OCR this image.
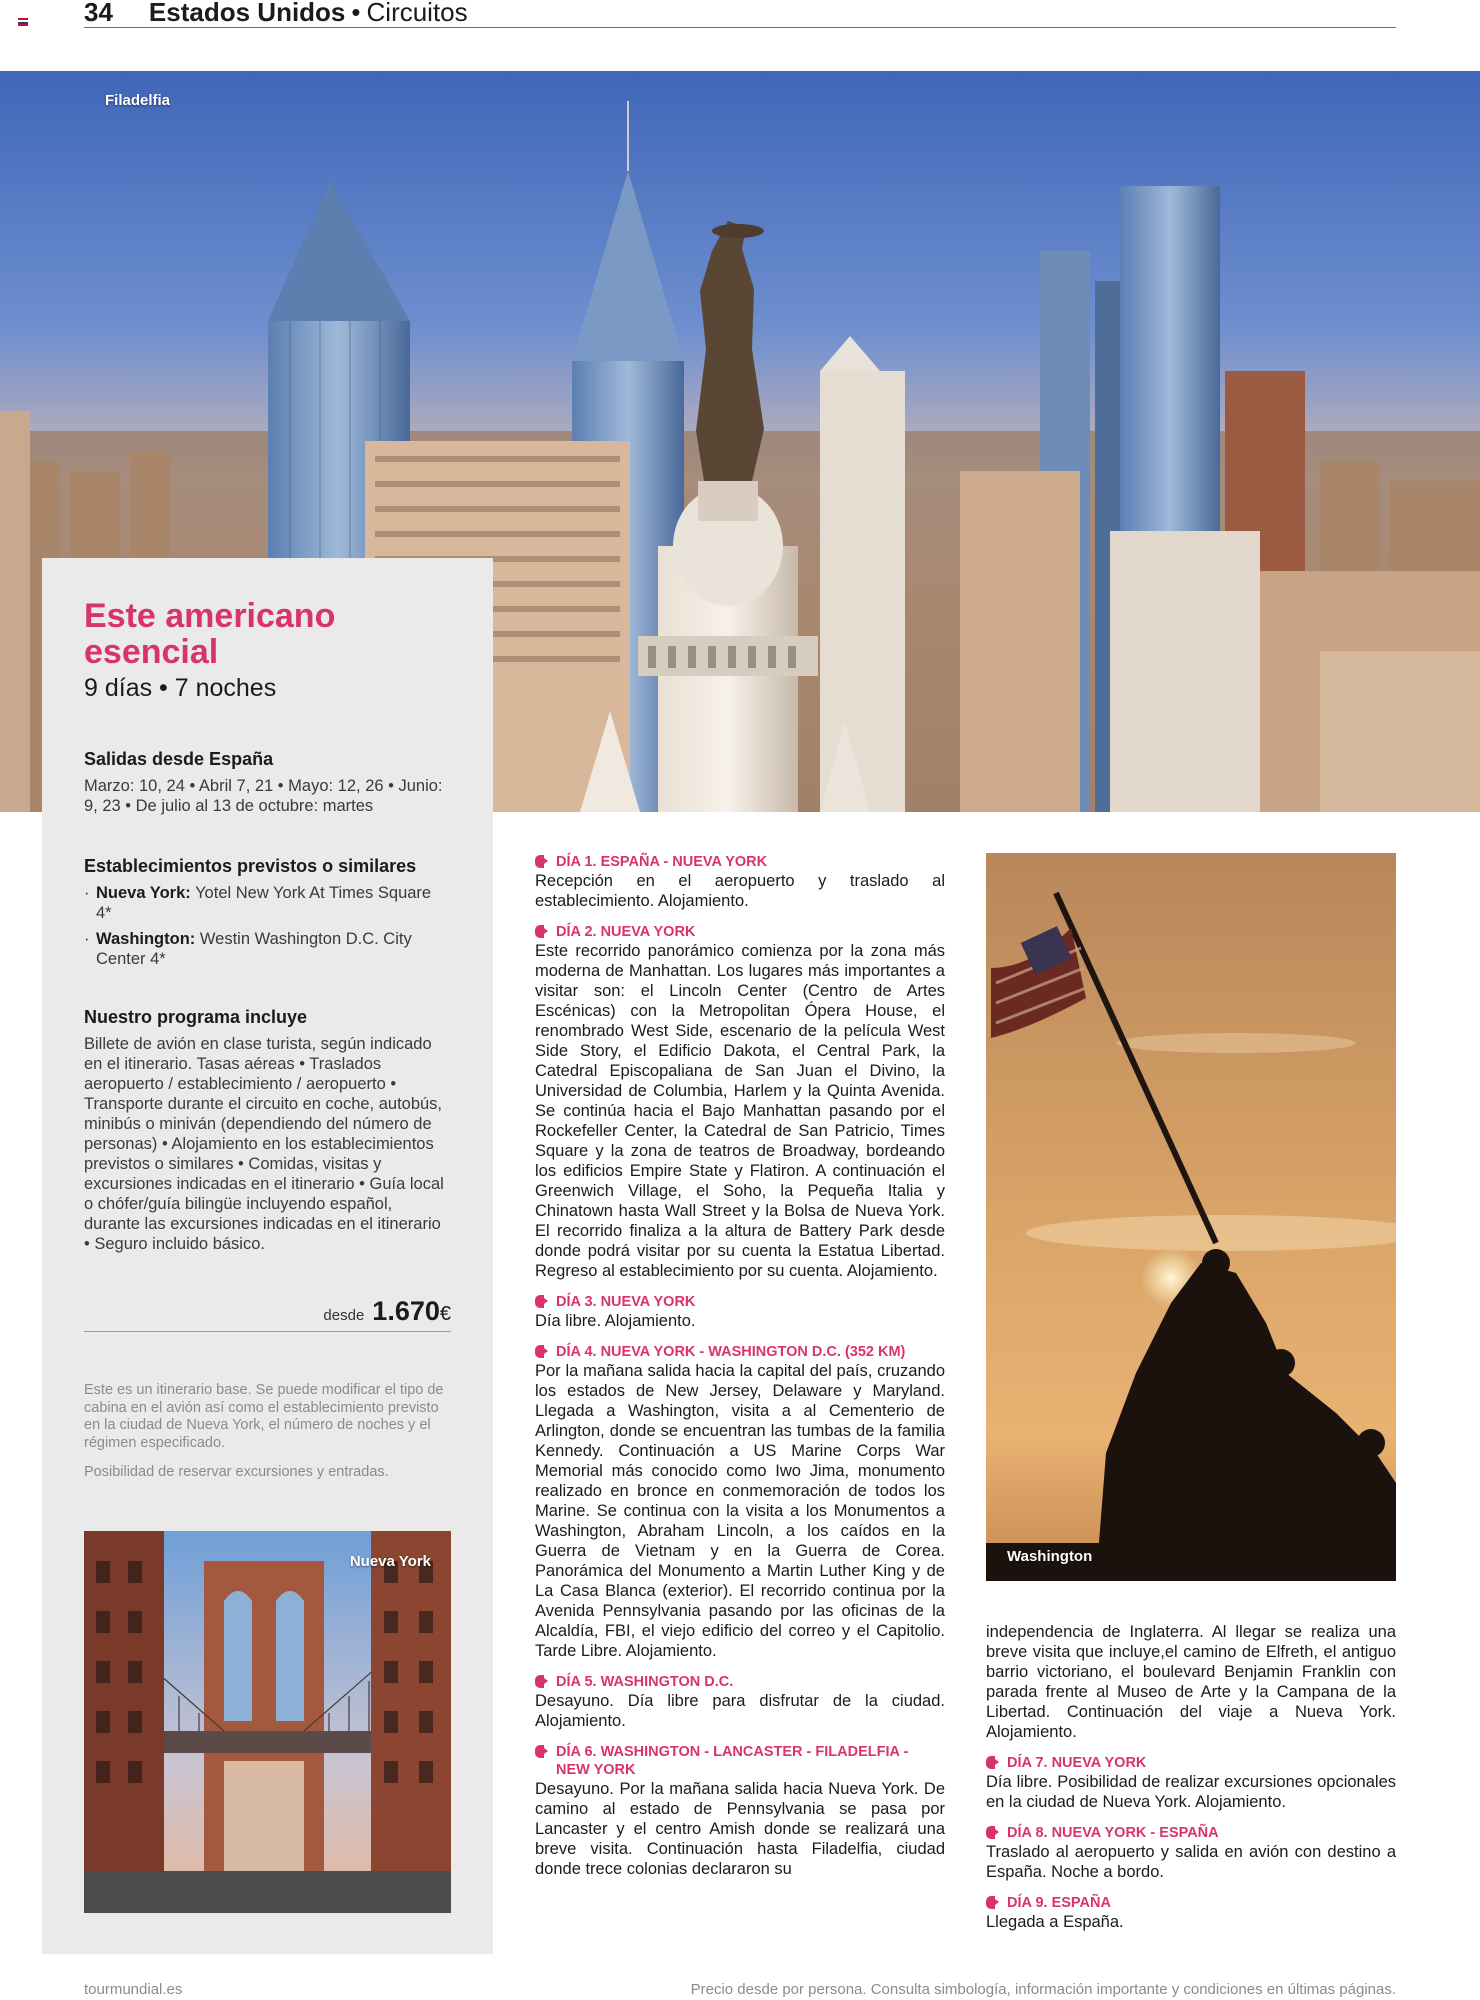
34 Estados Unidos • Circuitos
Filadelfia
Este americano esencial
9 días • 7 noches
Salidas desde España
Marzo: 10, 24 • Abril 7, 21 • Mayo: 12, 26 • Junio: 9, 23 • De julio al 13 de octubre: martes
Establecimientos previstos o similares
· Nueva York: Yotel New York At Times Square 4*
· Washington: Westin Washington D.C. City Center 4*
Nuestro programa incluye
Billete de avión en clase turista, según indicado en el itinerario. Tasas aéreas • Traslados aeropuerto / establecimiento / aeropuerto • Transporte durante el circuito en coche, autobús, minibús o miniván (dependiendo del número de personas) • Alojamiento en los establecimientos previstos o similares • Comidas, visitas y excursiones indicadas en el itinerario • Guía local o chófer/guía bilingüe incluyendo español, durante las excursiones indicadas en el itinerario • Seguro incluido básico.
desde 1.670€
Este es un itinerario base. Se puede modificar el tipo de cabina en el avión así como el establecimiento previsto en la ciudad de Nueva York, el número de noches y el régimen especificado.
Posibilidad de reservar excursiones y entradas.
Nueva York
DÍA 1. ESPAÑA - NUEVA YORK
Recepción en el aeropuerto y traslado al establecimiento. Alojamiento.
DÍA 2. NUEVA YORK
Este recorrido panorámico comienza por la zona más moderna de Manhattan. Los lugares más importantes a visitar son: el Lincoln Center (Centro de Artes Escénicas) con la Metropolitan Ópera House, el renombrado West Side, escenario de la película West Side Story, el Edificio Dakota, el Central Park, la Catedral Episcopaliana de San Juan el Divino, la Universidad de Columbia, Harlem y la Quinta Avenida. Se continúa hacia el Bajo Manhattan pasando por el Rockefeller Center, la Catedral de San Patricio, Times Square y la zona de teatros de Broadway, bordeando los edificios Empire State y Flatiron. A continuación el Greenwich Village, el Soho, la Pequeña Italia y Chinatown hasta Wall Street y la Bolsa de Nueva York. El recorrido finaliza a la altura de Battery Park desde donde podrá visitar por su cuenta la Estatua Libertad. Regreso al establecimiento por su cuenta. Alojamiento.
DÍA 3. NUEVA YORK
Día libre. Alojamiento.
DÍA 4. NUEVA YORK - WASHINGTON D.C. (352 KM)
Por la mañana salida hacia la capital del país, cruzando los estados de New Jersey, Delaware y Maryland. Llegada a Washington, visita a al Cementerio de Arlington, donde se encuentran las tumbas de la familia Kennedy. Continuación a US Marine Corps War Memorial más conocido como Iwo Jima, monumento realizado en bronce en conmemoración de todos los Marine. Se continua con la visita a los Monumentos a Washington, Abraham Lincoln, a los caídos en la Guerra de Vietnam y en la Guerra de Corea. Panorámica del Monumento a Martin Luther King y de La Casa Blanca (exterior). El recorrido continua por la Avenida Pennsylvania pasando por las oficinas de la Alcaldía, FBI, el viejo edificio del correo y el Capitolio. Tarde Libre. Alojamiento.
DÍA 5. WASHINGTON D.C.
Desayuno. Día libre para disfrutar de la ciudad. Alojamiento.
DÍA 6. WASHINGTON - LANCASTER - FILADELFIA - NEW YORK
Desayuno. Por la mañana salida hacia Nueva York. De camino al estado de Pennsylvania se pasa por Lancaster y el centro Amish donde se realizará una breve visita. Continuación hasta Filadelfia, ciudad donde trece colonias declararon su
Washington
independencia de Inglaterra. Al llegar se realiza una breve visita que incluye,el camino de Elfreth, el antiguo barrio victoriano, el boulevard Benjamin Franklin con parada frente al Museo de Arte y la Campana de la Libertad. Continuación del viaje a Nueva York. Alojamiento.
DÍA 7. NUEVA YORK
Día libre. Posibilidad de realizar excursiones opcionales en la ciudad de Nueva York. Alojamiento.
DÍA 8. NUEVA YORK - ESPAÑA
Traslado al aeropuerto y salida en avión con destino a España. Noche a bordo.
DÍA 9. ESPAÑA
Llegada a España.
tourmundial.es	Precio desde por persona. Consulta simbología, información importante y condiciones en últimas páginas.
